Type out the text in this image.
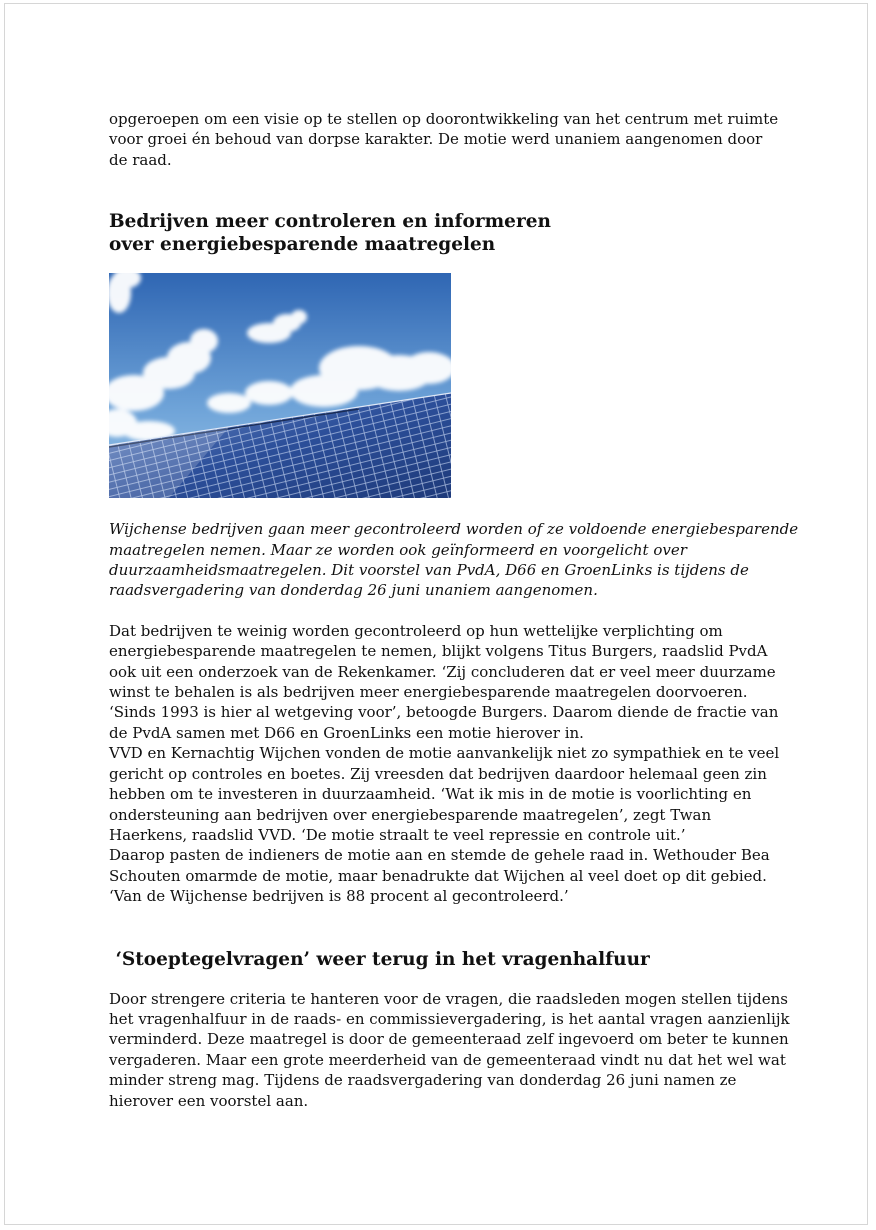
opgeroepen om een visie op te stellen op doorontwikkeling van het centrum met ruimte

voor groei én behoud van dorpse karakter. De motie werd unaniem aangenomen door

de raad.

Bedrijven meer controleren en informeren
over energiebesparende maatregelen

Wijchense bedrijven gaan meer gecontroleerd worden of ze voldoende energiebesparende

maatregelen nemen. Maar ze worden ook geïnformeerd en voorgelicht over

duurzaamheidsmaatregelen. Dit voorstel van PvdA, D66 en GroenLinks is tijdens de

raadsvergadering van donderdag 26 juni unaniem aangenomen.

Dat bedrijven te weinig worden gecontroleerd op hun wettelijke verplichting om

energiebesparende maatregelen te nemen, blijkt volgens Titus Burgers, raadslid PvdA

ook uit een onderzoek van de Rekenkamer. ‘Zij concluderen dat er veel meer duurzame

winst te behalen is als bedrijven meer energiebesparende maatregelen doorvoeren.

‘Sinds 1993 is hier al wetgeving voor’, betoogde Burgers. Daarom diende de fractie van

de PvdA samen met D66 en GroenLinks een motie hierover in.

VVD en Kernachtig Wijchen vonden de motie aanvankelijk niet zo sympathiek en te veel

gericht op controles en boetes. Zij vreesden dat bedrijven daardoor helemaal geen zin

hebben om te investeren in duurzaamheid. ‘Wat ik mis in de motie is voorlichting en

ondersteuning aan bedrijven over energiebesparende maatregelen’, zegt Twan

Haerkens, raadslid VVD. ‘De motie straalt te veel repressie en controle uit.’

Daarop pasten de indieners de motie aan en stemde de gehele raad in. Wethouder Bea

Schouten omarmde de motie, maar benadrukte dat Wijchen al veel doet op dit gebied.

‘Van de Wijchense bedrijven is 88 procent al gecontroleerd.’

‘Stoeptegelvragen’ weer terug in het vragenhalfuur

Door strengere criteria te hanteren voor de vragen, die raadsleden mogen stellen tijdens

het vragenhalfuur in de raads- en commissievergadering, is het aantal vragen aanzienlijk

verminderd. Deze maatregel is door de gemeenteraad zelf ingevoerd om beter te kunnen

vergaderen. Maar een grote meerderheid van de gemeenteraad vindt nu dat het wel wat

minder streng mag. Tijdens de raadsvergadering van donderdag 26 juni namen ze

hierover een voorstel aan.
